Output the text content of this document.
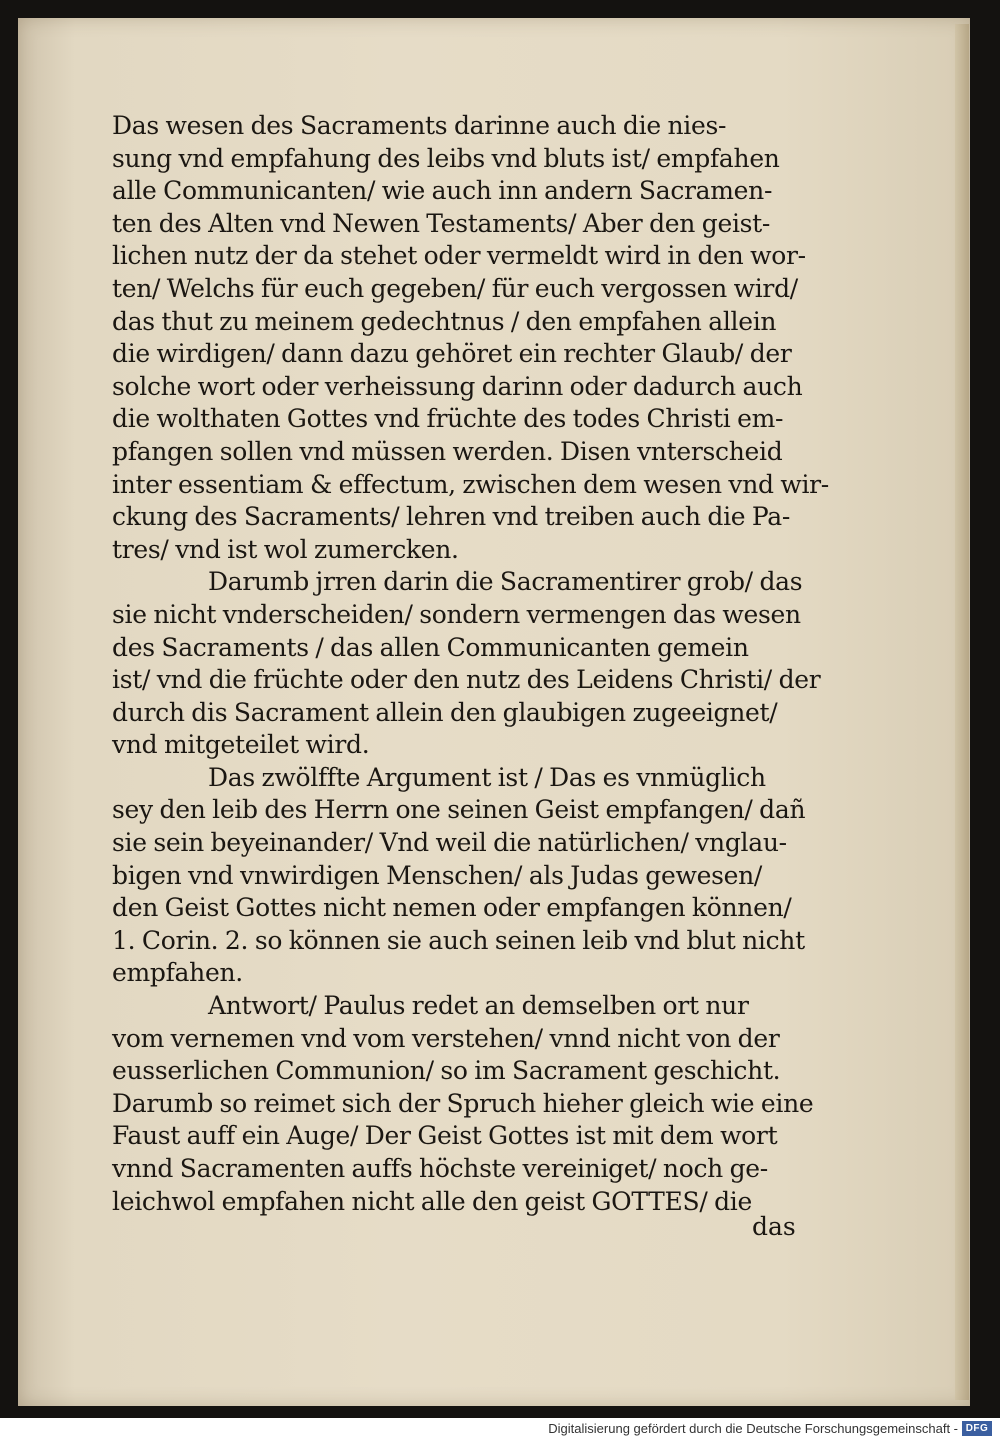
Das wesen des Sacraments darinne auch die nies-
sung vnd empfahung des leibs vnd bluts ist/ empfahen
alle Communicanten/ wie auch inn andern Sacramen-
ten des Alten vnd Newen Testaments/ Aber den geist-
lichen nutz der da stehet oder vermeldt wird in den wor-
ten/ Welchs für euch gegeben/ für euch vergossen wird/
das thut zu meinem gedechtnus / den empfahen allein
die wirdigen/ dann dazu gehöret ein rechter Glaub/ der
solche wort oder verheissung darinn oder dadurch auch
die wolthaten Gottes vnd früchte des todes Christi em-
pfangen sollen vnd müssen werden. Disen vnterscheid
inter essentiam & effectum, zwischen dem wesen vnd wir-
ckung des Sacraments/ lehren vnd treiben auch die Pa-
tres/ vnd ist wol zumercken.
Darumb jrren darin die Sacramentirer grob/ das
sie nicht vnderscheiden/ sondern vermengen das wesen
des Sacraments / das allen Communicanten gemein
ist/ vnd die früchte oder den nutz des Leidens Christi/ der
durch dis Sacrament allein den glaubigen zugeeignet/
vnd mitgeteilet wird.
Das zwölffte Argument ist / Das es vnmüglich
sey den leib des Herrn one seinen Geist empfangen/ dañ
sie sein beyeinander/ Vnd weil die natürlichen/ vnglau-
bigen vnd vnwirdigen Menschen/ als Judas gewesen/
den Geist Gottes nicht nemen oder empfangen können/
1. Corin. 2. so können sie auch seinen leib vnd blut nicht
empfahen.
Antwort/ Paulus redet an demselben ort nur
vom vernemen vnd vom verstehen/ vnnd nicht von der
eusserlichen Communion/ so im Sacrament geschicht.
Darumb so reimet sich der Spruch hieher gleich wie eine
Faust auff ein Auge/ Der Geist Gottes ist mit dem wort
vnnd Sacramenten auffs höchste vereiniget/ noch ge-
leichwol empfahen nicht alle den geist GOTTES/ die
das
Digitalisierung gefördert durch die Deutsche Forschungsgemeinschaft - DFG
